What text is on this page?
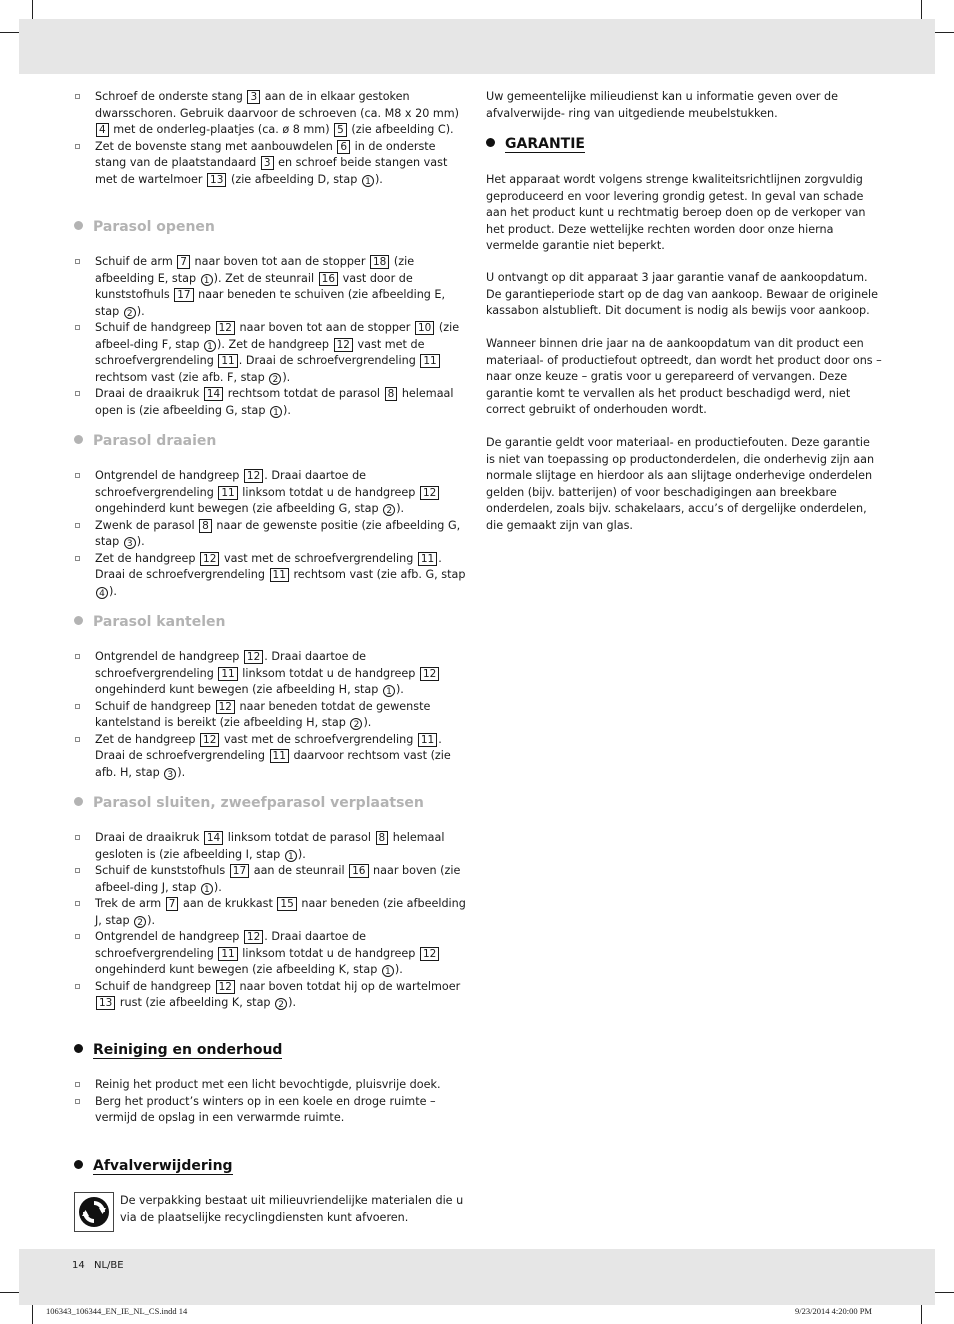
Schroef de onderste stang 3 aan de in elkaar gestoken dwarsschoren. Gebruik daarvoor de schroeven (ca. M8 x 20 mm) 4 met de onderleg-plaatjes (ca. ø 8 mm) 5 (zie afbeelding C).
Zet de bovenste stang met aanbouwdelen 6 in de onderste stang van de plaatstandaard 3 en schroef beide stangen vast met de wartelmoer 13 (zie afbeelding D, stap 1 ).
Parasol openen
Schuif de arm 7 naar boven tot aan de stopper 18 (zie afbeelding E, stap 1 ). Zet de steunrail 16 vast door de kunststofhuls 17 naar beneden te schuiven (zie afbeelding E, stap 2 ).
Schuif de handgreep 12 naar boven tot aan de stopper 10 (zie afbeel-ding F, stap 1 ). Zet de handgreep 12 vast met de schroefvergrendeling 11 . Draai de schroefvergrendeling 11 rechtsom vast (zie afb. F, stap 2 ).
Draai de draaikruk 14 rechtsom totdat de parasol 8 helemaal open is (zie afbeelding G, stap 1 ).
Parasol draaien
Ontgrendel de handgreep 12 . Draai daartoe de schroefvergrendeling 11 linksom totdat u de handgreep 12 ongehinderd kunt bewegen (zie afbeelding G, stap 2 ).
Zwenk de parasol 8 naar de gewenste positie (zie afbeelding G, stap 3 ).
Zet de handgreep 12 vast met de schroefvergrendeling 11 . Draai de schroefvergrendeling 11 rechtsom vast (zie afb. G, stap 4 ).
Parasol kantelen
Ontgrendel de handgreep 12 . Draai daartoe de schroefvergrendeling 11 linksom totdat u de handgreep 12 ongehinderd kunt bewegen (zie afbeelding H, stap 1 ).
Schuif de handgreep 12 naar beneden totdat de gewenste kantelstand is bereikt (zie afbeelding H, stap 2 ).
Zet de handgreep 12 vast met de schroefvergrendeling 11 . Draai de schroefvergrendeling 11 daarvoor rechtsom vast (zie afb. H, stap 3 ).
Parasol sluiten, zweefparasol verplaatsen
Draai de draaikruk 14 linksom totdat de parasol 8 helemaal gesloten is (zie afbeelding I, stap 1 ).
Schuif de kunststofhuls 17 aan de steunrail 16 naar boven (zie afbeel-ding J, stap 1 ).
Trek de arm 7 aan de krukkast 15 naar beneden (zie afbeelding J, stap 2 ).
Ontgrendel de handgreep 12 . Draai daartoe de schroefvergrendeling 11 linksom totdat u de handgreep 12 ongehinderd kunt bewegen (zie afbeelding K, stap 1 ).
Schuif de handgreep 12 naar boven totdat hij op de wartelmoer 13 rust (zie afbeelding K, stap 2 ).
Reiniging en onderhoud
Reinig het product met een licht bevochtigde, pluisvrije doek.
Berg het product’s winters op in een koele en droge ruimte – vermijd de opslag in een verwarmde ruimte.
Afvalverwijdering
De verpakking bestaat uit milieuvriendelijke materialen die u via de plaatselijke recyclingdiensten kunt afvoeren.
Uw gemeentelijke milieudienst kan u informatie geven over de afvalverwijde- ring van uitgediende meubelstukken.
GARANTIE
Het apparaat wordt volgens strenge kwaliteitsrichtlijnen zorgvuldig geproduceerd en voor levering grondig getest. In geval van schade aan het product kunt u rechtmatig beroep doen op de verkoper van het product. Deze wettelijke rechten worden door onze hierna vermelde garantie niet beperkt.
U ontvangt op dit apparaat 3 jaar garantie vanaf de aankoopdatum. De garantieperiode start op de dag van aankoop. Bewaar de originele kassabon alstublieft. Dit document is nodig als bewijs voor aankoop.
Wanneer binnen drie jaar na de aankoopdatum van dit product een materiaal- of productiefout optreedt, dan wordt het product door ons – naar onze keuze – gratis voor u gerepareerd of vervangen. Deze garantie komt te vervallen als het product beschadigd werd, niet correct gebruikt of onderhouden wordt.
De garantie geldt voor materiaal- en productiefouten. Deze garantie is niet van toepassing op productonderdelen, die onderhevig zijn aan normale slijtage en hierdoor als aan slijtage onderhevige onderdelen gelden (bijv. batterijen) of voor beschadigingen aan breekbare onderdelen, zoals bijv. schakelaars, accu’s of dergelijke onderdelen, die gemaakt zijn van glas.
14 NL/BE
106343_106344_EN_IE_NL_CS.indd 14	9/23/2014 4:20:00 PM
